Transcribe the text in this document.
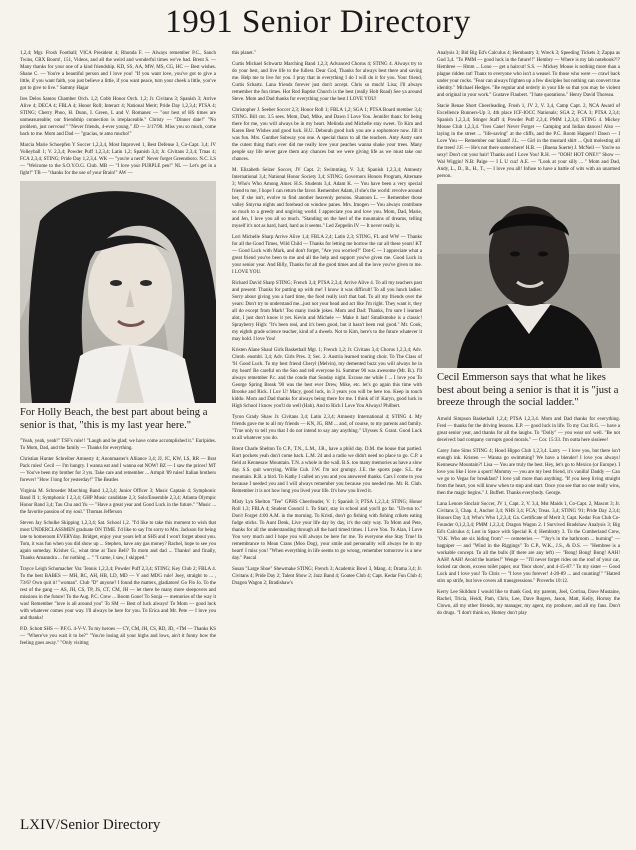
1991 Senior Directory

1,2,4; Mgr. Frosh Football; VICA President 4; Rhonda F. — Always remember P.C., Sanch Twins, CRX Boom!, 151, Videos, and all the weird and wonderful times we've had. Brent S. — Many thanks for your one of a kind friendship. KD, SS, AA, MW, MS, CG, HC — Best wishes. Shane C. — You're a beautiful person and I love you! "If you want love, you've got to give a little, if you want faith, you just believe a little, if you want peace, turn your cheek a little, you've got to give to live." Sammy Hagar

Ires Delos Santos Chamber Orch. 1,2; Cobb Honor Orch. 1,2; Jr. Civitans 3; Spanish 3; Arrive Alive 4; DECA 4; FBLA 4; Honor Roll; Interact 4; National Merit; Pride Day 1,2,3,4; PTSA 4; STING; Cherry Phoo, H. Dunn, I. Green, L and V. Romanez — "our best of HS times are unmeasureable; our friendship connection is irreplaceable." Christy — "Dinner date!" "No problem, just nervous!" "Never friends, 4-ever young." JD — 3/17/90. Miss you so much, come back to me. Mom and Dad — "gracias, te amo mucho!"

Marcia Marie Schoepfen Y Soccer 1,2,3,4, Most Improved 1, Best Defense 3, Co-Capt. 3,4; JV Volleyball 1; V. 2,3,4; Powder Puff 1,2,3,4; Latin 1,2; Spanish 3,4; Jr. Civitans 2,3,4; Tmas 4; FCA 2,3,4; STING; Pride Day 1,2,3,4. WK — "you're a nerd" Never forget Greensboro. N.C. LS — "Welcome to the S.O.Y.O.G. Club. MB — "I love your PURPLE pen!" NL — Let's get in a fight!" TB — "thanks for the use of your Brain!" AW —

For Holly Beach, the best part about being a senior is that, "this is my last year here."

"Yeah, yeah, yeah!" TSF's rule!! "Laugh and be glad; we have come accomplished it." Euripides. To Mom, Dad, and the family — Thanks for everything.

Christian Hunter Schreiber Amnesty 4; Anonmaster's Alliance 3,4; JJ, JC, KW, LS, RR — Brat Pack rules! Cecil — I'm hungry. I wanna eat and I wanna eat NOW! BZ — I saw the prices! MT — You've been my brother for 3 yrs. Take care and remember ... Armpit '89 rules! Italian brothers forever! "How I long for yesterday!" The Beatles

Virginia M. Schroeder Marching Band 1,2,3,4; Junior Officer 3; Music Captain 4; Symphonic Band II 1; Symphonic I 2,3,4; GHP Music candidate 2,3; Solo/Ensemble 2,3,4; Atlanta Olympic Honor Band 3,4; Tau Chu and Yu — "Have a great year and Good Luck in the future." "Music ... the favorite passion of my soul." Thomas Jefferson

Steven Jay Schulke Skipping 1,2,3,4; Sat. School 1,2. "I'd like to take this moment to wish that most UNDERCLASSMEN graduate ON TIME. I'd like to say I'm sorry to Mrs. Jackson for being late to homeroom EVERYday. Bridget, enjoy your years left at SHS and I won't forget about you. Tom, it was fun when you did show up ... Stephen, have any gas money? Rachel, hope to see you again someday. Krisher G., what time at Taco Bell? To mom and dad ... Thanks! and finally, Thanks Amanndra ... for nothing ... " "I came, I saw, I skipped."

Trayce Leigh Schumacher Var. Tennis 1,2,3,4; Powder Puff 2,3,4; STING; Key Club 2; FBLA 4. To the best BABES — MH, RC, AH, HB, LD, MD — V and MDG rule! Joey, straight to ... , 73/6? Own quit it! "woman". Club "D" anyone? I found the matters, gladiators! Go Flo Jo. To the rest of the gang — AS, JH, CS, TP, JS, CT, CM, JH — let there be many more sleepovers and missions in the future! To the Aug. P.C. Crew ... Boom Gone! To Sonja — memories of the way it was! Remember "love is all around you" To SM — Best of luck always! To Mom — good luck with whatever comes your way. I'll always be here for you. To Erica and Mr. Pete — I love you and thanks!

P.D. Schott SHS — P.F.G. 4-V-V. To my heroes — CY, CM, JH, CS, RD, JD, +TM — Thanks KS — "Where've you wait it to be?" "You're losing all your highs and lows, ain't it funny how the feeling goes away." "Only visiting

this planet."

Curtis Michael Schwartz Marching Band 1,2,3; Advanced Chorus 4; STING 4. Always try to do your best, and live life to the fullest. Dear God, Thanks for always best there and saving me. Help me to live for you. I pray that in everything I do I will do it for you. Your friend, Curtis Schartz. Lana friends forever just don't accept. Chris so much! Lisa; I'll always remember the fun times. Hot Rod Baptist Church is the best (really Holt Road) See ya around Steve. Mom and Dad thanks for everything your the best I LOVE YOU!

Christopher J. Seeber Soccer 2,3; Honor Roll 1; FBLA 1,2; SGA 1; PTSA Board member 3,4; STING. Bill cnt. 3.5 sees. Mom, Dad, Mike, and Dawn I Love You. Jennifer thanx for being there for me, you will always be in my heart. Melinda and Michelle stay sweet. To Kim and Karen Best Wishes and good luck. H.U. Deborah good luck you are a sophomore now. Jill it was fun. Mrs. Gunther Subway you one. A special thanx to all the teachers. Amy Autry sure the cutest thing that's ever did me really love your peaches wanna shake your trees. Many people say life never gave them any chances but we were giving life as we must take our chances.

M. Elizabeth Seizer Soccer, JV Capt. 2; Swimming, V. 3,4; Spanish 1,2,3,4; Amnesty International 3,4; National Honor Society 3,4; STING; Governors Honors Program, Alternate 3; Who's Who Among Amer. H.S. Students 3,4. Adam K. — You have been a very special friend to me, I hope I can return the favor. Remember Adam, if she's the world: revolve around her, if she isn't, evolve to find another heavenly persons. Shannon L. — Remember those valley Smyrna nights and forehead on window panes. Mrs. Imogen — You always contribute so much to a greedy and ungiving world. I appreciate you and love you. Mom, Dad, Marie, and Jen, I love you all so much. "Standing on the heel of the mountains of dreams, telling myself it's not as hard, hard, hard as it seems." Led Zeppelin IV — It never really is.

Lori Michelle Sharp Arrive Alive 1,4; FBLA 2,4; Latin 2,3; STING, FL and WW — Thanks for all the Good Times, Wild Child — Thanks for letting me borrow the car all these years! KT — Good Luck with Mark, and don't forget, "Are you worried?" Dot-C — I appreciate what a great friend you've been to me and all the help and support you've given me. Good Luck in your senior year. And Billy, Thanks for all the good times and all the love you've given to me. I LOVE YOU.

Richard David Sharp STING; French 3,4; PTSA 2,3,4; Arrive Alive 4. To all my teachers past and present: Thanks for putting up with me! I know it was difficult! To all you lunch ladies: Sorry about giving you a hard time, the food really isn't that bad. To all my friends over the years: Don't try to understand me...just not your head and act like I'm right. They want it, they all do except from Mark! Too many inside jokes. Mom and Dad: Thanks, I'm sure I learned alot, I just don't know it yet. Kevin and Michele — Make it last! Smallsmoke is a classic! Sprayberry High: "It's been real, and it's been good, but it hasn't been real good." Mr. Cook, my eighth grade science teacher, kind of a dweeb. Not to Kim, here's to the future whatever it may hold. I love You!

Kristen Alane Shaul Girls Basketball Mgr. 1; French 1,2; Jr. Civitans 3,4; Chorus 1,2,3,4; Adv. Chrob. ensmbl. 3,4; Adv. Girls Pres. 3; Sec. 2. Austria learned touring choir. To The Class of '91 Good Luck. To my best friend Cheryl (Melvin), my demented buzz you will always be in my heart! Be careful on the Sno and tell everyone hi. Summer 90 was awesome (Mr. B.). I'll always remember P.c. and the condo that Sunday night. Excuse me while I ... I love you To George Spring Break '90 was the best ever Drew, Mike, etc. let's go again this time with Brooke and Rick. I Luv U! Macy, good luck, in 3 years you will be here too. Keep in touch kiddo. Mom and Dad thanks for always being there for me. I think of it! Karyn, good luck in High School I know you'll do well (Hah). And to Rich I Love You Always! Philbert.

Tyron Grady Shaw Jr. Civitans 3,4; Latin 2,3,4; Amnesty International 4; STING 4. My friends gave me to all my friends — KN, JG, RM ... and, of course, to my parents and family. "True only to tell you that I do not intend to say any anything." Ulysses S. Grant. Good Luck to all whatever you do.

Brent Charle Shelton To C.P., T.N., L.M., J.R., have a phiid day. D.M. the house that partied. Kurt pockets yeah don't come back. L.M. 24 and a radio we didn't need no place to go. C.P. a field at Kennesaw Mountain. T.N. a whole in the wall. B.S. too many memories as have a slow day. S.S. quit worrying. Willie Cub. J.W. I'm not grumpy. J.E. the sports page. S.L. the mountain. R.B. a bird. To Kathy I called on you and you answered thanks. Cars I come to you because I needed you and I will always remember you because you needed me. Mr. R. Club. Remember it is not how long you lived your life. It's how you lived it.

Misty Lyn Shelton "Tee" GPHS Cheerleader, V. 1; Spanish 3; PTSA 1,2,3,4; STING; Honor Roll 1,3; FBLA 4; Student Council 1. To Starr, stay in school and you'll go far. "Uh-run to." Don't Forget 4:00 A.M. in the morning. To Kristi, don't go fishing with fishing crikets eating fudge sticks. To Aunt Denk, Live your life day by day, it's the only way. To Mom and Pete, thanks for all the understanding through all the hard timed times. I Love You. To Alan, I Love You very much and I hope you will always be here for me. To everyone else Stay True! In remembrance to Mean Crans (Moo Dog), your smile and personality will always be in my heart! I miss you! "When everything in life seems to go wrong, remember tomorrow is a new day." Pascal

Susan "Large Shoe" Shewmake STING; French 3; Academic Bowl 3, Mang. 4; Drama 3,4; Jr. Civitans 4; Pride Day 2; Talent Show 2; Jazz Band 4; Goatee Club 4; Capt. Kedar Fun Club 4; Dragon Wagon 2; Bradishaw's

Analysis 3; Bid Big Ed's Calculus 4; Hembastry 3; Wreck 3; Speeding Tickets 3; Zappa as God 3,4. "To PMM — good luck in the future!!" Hembry — Where is my lab notebook?!? Hembree — Hmm ... Lono — get a haircut! S.S. — Mickey Mouse is nothing more than a plague ridden rat! Thanx to everyone who isn't a weasel. To those who were — crawl back under your rocks. "Fear can always frighten up a few disciples but nothing can convert true identity." Michael Hedges. "Be regular and orderly in your life so that you may be violent and original in your work." Gustave Flaubert. "I hate quotations." Henry David Thoreau.

Stacie Renae Short Cheerleading, Frosh 1, JV 2, V. 3,4, Camp Capt. 2, NCA Award of Excellence Runners-Up 3, 4th place ICF-IOCC Nationals; SGA 2; FCA 3; PTSA 2,3,4; Spanish 1,2,3,4; Stinger Staff 4; Powder Puff 2,3,4; PMM 1,2,3,4; STING 4. Mickey Mouse Club 1,2,3,4. "Ives Cane! Never Forget — Camping and Indian dances! Also — laying in the street ... "life-saving" at the cliffs, and the P.C. Room Happen!! Dawn — I Love You — Remember our Island! J.L. — Girl in the mustard shirt ... Quit molesting all the trees! J.F. — He's not there somewhere! H.B. — (Buena Suerte) J. McNeil — You're so sexy! Don't cut your hair! Thanks and I Love You! R.H. — "OOH! HOT ONE!!" Show — Wal Wiggin! N.B: Paige — I L U cuz! A.E. — "Look at your silly ... " Mom and Dad, Andy, L., D., B., H., T., — I love you all! Infuse to have a battle of wits with an unarmed person.

Cecil Emmerson says that what he likes best about being a senior is that it is "just a breeze through the social ladder."

Arnold Simpson Basketball 1,2,4; PTSA 1,2,3,4. Mom and Dad thanks for everything. Fred — thanks for the driving lessons. E.P. — good luck in life. To my Cuz R.G. — have a great senior year, and thanks for all the laughs. To "Dolly" — you wear on! well. "Be not deceived: bad company corrupts good morals." — Cor. 15:33. I'm outta here sissieee!

Carey June Sims STING 4; Hood Hippo Club 1,2,3,4. Larry — I love you, but there isn't enough ink. Kristen — Wanna go swimming? We have a blender! I love you always! Kennesaw Mountain?! Lisa — You are truly the best. Hey, let's go to Mexico (or Europe). I love you like I love a sport! Mommy — you are my best friend, it's vanilla! Daddy — Can we go to Vegas for breakfast? I love yall more than anything. "If you keep living straight from the heart, you will know when to stop and start. Once you see that no one really wins, then the magic begins." J. Buffett. Thanks everybody. George.

Lana Lenore Sinclair Soccer, JV 1, Capt. 2, V. 3,4, Mst Maids 1, Co-Capt. 2, Mascot 3; Jr. Civitans 3, Chap. 4, Anchor 3,4; NHS 3,4; FCA; Treas. 3,4; STING '91; Pride Day 2,3,4; Honors Day 3,4; Who's Who 1,2,3,4; Ga. Certificate of Merit 3; Capt. Kedar Fun Club Co-Founder 0,1,2,3,4; PMM 1,2,3,4; Dragon Wagon 2. I Survived Bradshaw Analysis 3; Big Ed's Calculus 4; Lost in Space with Special K 4; Hembistry 3. To the Cumberland Crew, "O.K. Who ate six hiding from" — cemeteries — ""Joy's in the bathroom ... burning" — bagpiper — and "Wind in the Riggings" To C.P., W.K., J.S., & D.S. — "Hembree is a workable concept. To all the bulls (If there are any left) — "Bong! Bong! Bong! AAH! AAH! AAH! Avoid the hurties!" Wenge — "I'll never forget rides on the roof of your car, locked car doors, excess toilet paper, our 'floor show', and 4-15-87." To my sister — Good Luck and I love you! To Chris — "I love you forever! 4-20-89 ... and counting!" "Hatred stirs up strife, but love covers all transgressions." Proverbs 10:12.

Kerry Lee Skildum I would like to thank God, my parents, Joel, Corrina, Dave Mustaine, Rachel, Tricia, Heidi, Pam, Chris, Lee, Dave Rogers, Jason, Matt, Kelly, Hornsy the Clown, all my other friends, my manager, my agent, my producer, and all my fans. Don't do drugs. "I don't think so, Homey don't play

LXIV/Senior Directory
